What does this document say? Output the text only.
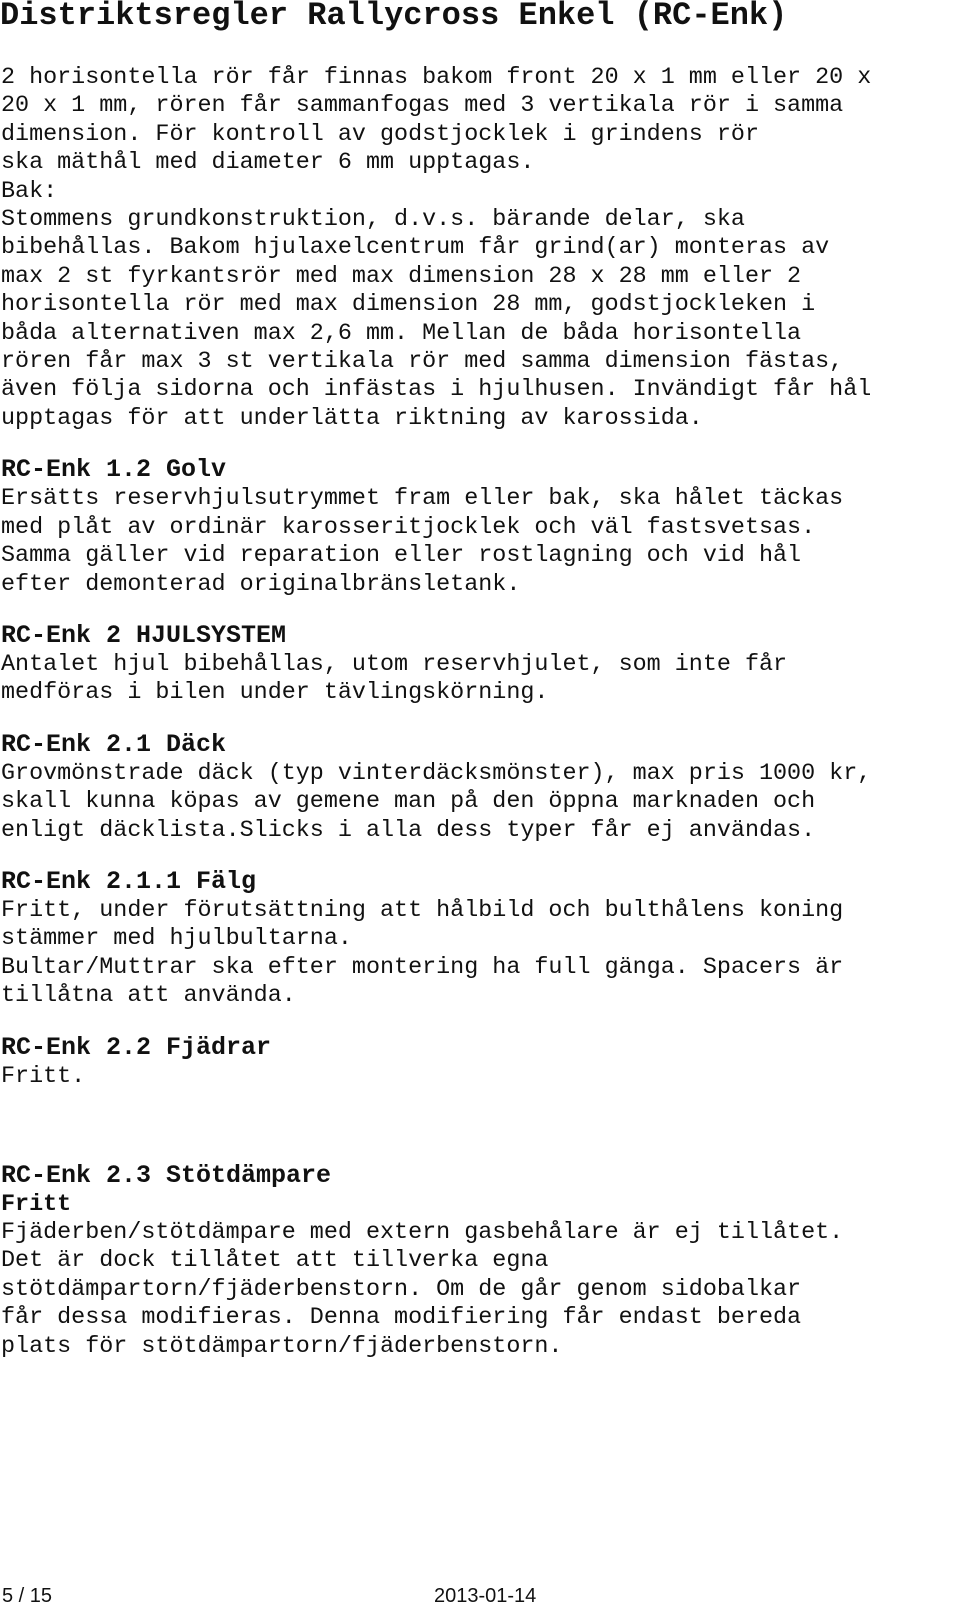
Distriktsregler Rallycross Enkel (RC-Enk)

2 horisontella rör får finnas bakom front 20 x 1 mm eller 20 x
20 x 1 mm, rören får sammanfogas med 3 vertikala rör i samma
dimension. För kontroll av godstjocklek i grindens rör
ska mäthål med diameter 6 mm upptagas.
Bak:
Stommens grundkonstruktion, d.v.s. bärande delar, ska
bibehållas. Bakom hjulaxelcentrum får grind(ar) monteras av
max 2 st fyrkantsrör med max dimension 28 x 28 mm eller 2
horisontella rör med max dimension 28 mm, godstjockleken i
båda alternativen max 2,6 mm. Mellan de båda horisontella
rören får max 3 st vertikala rör med samma dimension fästas,
även följa sidorna och infästas i hjulhusen. Invändigt får hål
upptagas för att underlätta riktning av karossida.

RC-Enk 1.2 Golv

Ersätts reservhjulsutrymmet fram eller bak, ska hålet täckas
med plåt av ordinär karosseritjocklek och väl fastsvetsas.
Samma gäller vid reparation eller rostlagning och vid hål
efter demonterad originalbränsletank.

RC-Enk 2 HJULSYSTEM

Antalet hjul bibehållas, utom reservhjulet, som inte får
medföras i bilen under tävlingskörning.

RC-Enk 2.1 Däck

Grovmönstrade däck (typ vinterdäcksmönster), max pris 1000 kr,
skall kunna köpas av gemene man på den öppna marknaden och
enligt däcklista.Slicks i alla dess typer får ej användas.

RC-Enk 2.1.1 Fälg

Fritt, under förutsättning att hålbild och bulthålens koning
stämmer med hjulbultarna.
Bultar/Muttrar ska efter montering ha full gänga. Spacers är
tillåtna att använda.

RC-Enk 2.2 Fjädrar

Fritt.

RC-Enk 2.3 Stötdämpare

Fritt

Fjäderben/stötdämpare med extern gasbehålare är ej tillåtet.
Det är dock tillåtet att tillverka egna
stötdämpartorn/fjäderbenstorn. Om de går genom sidobalkar
får dessa modifieras. Denna modifiering får endast bereda
plats för stötdämpartorn/fjäderbenstorn.

5 / 15	2013-01-14
